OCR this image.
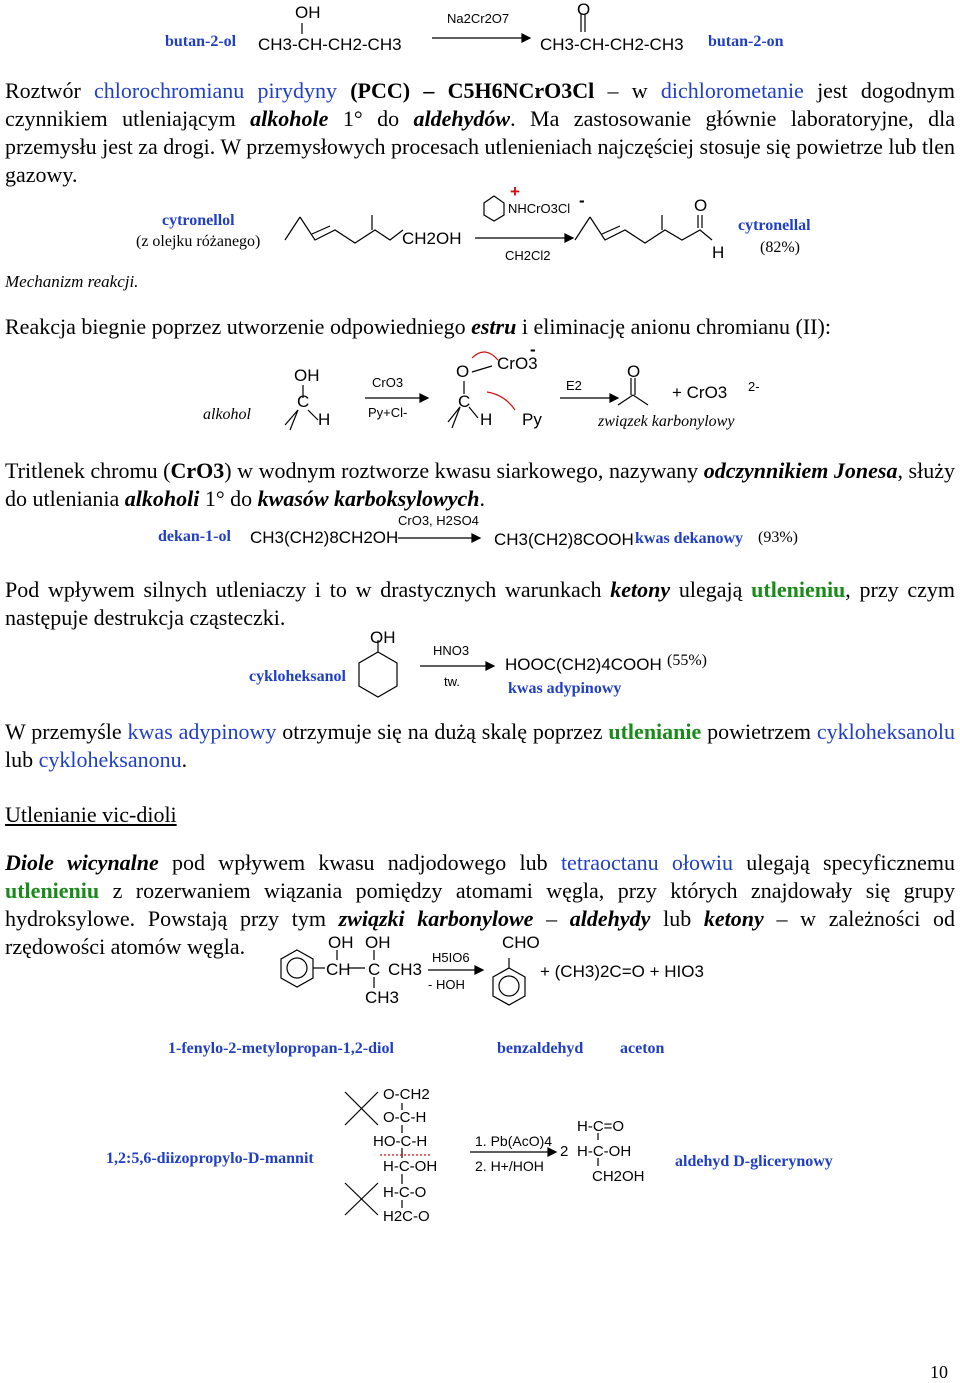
butan-2-ol
OH
CH3-CH-CH2-CH3
Na2Cr2O7	O
CH3-CH-CH2-CH3 butan-2-on
Roztwór chlorochromianu pirydyny (PCC) – C5H6NCrO3Cl – w dichlorometanie jest dogodnym czynnikiem utleniającym alkohole 1° do aldehydów. Ma zastosowanie głównie laboratoryjne, dla przemysłu jest za drogi. W przemysłowych procesach utlenieniach najczęściej stosuje się powietrze lub tlen gazowy.
cytronellol
(z olejku różanego)	CH2OH
NHCrO3Cl
+	-
CH2Cl2
O
H
cytronellal
(82%)
Mechanizm reakcji.
Reakcja biegnie poprzez utworzenie odpowiedniego estru i eliminację anionu chromianu (II):
alkohol
OH
C
H
CrO3
Py+Cl-
O CrO3
-
C
H Py
E2
O
+ CrO3 2-
związek karbonylowy
Tritlenek chromu (CrO3) w wodnym roztworze kwasu siarkowego, nazywany odczynnikiem Jonesa, służy do utleniania alkoholi 1° do kwasów karboksylowych.
dekan-1-ol CH3(CH2)8CH2OH
CrO3, H2SO4
CH3(CH2)8COOH kwas dekanowy (93%)
Pod wpływem silnych utleniaczy i to w drastycznych warunkach ketony ulegają utlenieniu, przy czym następuje destrukcja cząsteczki.
cykloheksanol
OH
HNO3
tw.
HOOC(CH2)4COOH (55%)
kwas adypinowy
W przemyśle kwas adypinowy otrzymuje się na dużą skalę poprzez utlenianie powietrzem cykloheksanolu lub cykloheksanonu.
Utlenianie vic-dioli
Diole wicynalne pod wpływem kwasu nadjodowego lub tetraoctanu ołowiu ulegają specyficznemu utlenieniu z rozerwaniem wiązania pomiędzy atomami węgla, przy których znajdowały się grupy hydroksylowe. Powstają przy tym związki karbonylowe – aldehydy lub ketony – w zależności od rzędowości atomów węgla.	OH OH
CH C CH3
CH3
H5IO6
- HOH
CHO
+ (CH3)2C=O + HIO3
1-fenylo-2-metylopropan-1,2-diol	benzaldehyd aceton
1,2:5,6-diizopropylo-D-mannit
O-CH2
O-C-H
HO-C-H
H-C-OH
H-C-O
H2C-O
1. Pb(AcO)4
2. H+/HOH
2
H-C=O
H-C-OH
CH2OH
aldehyd D-glicerynowy
10
